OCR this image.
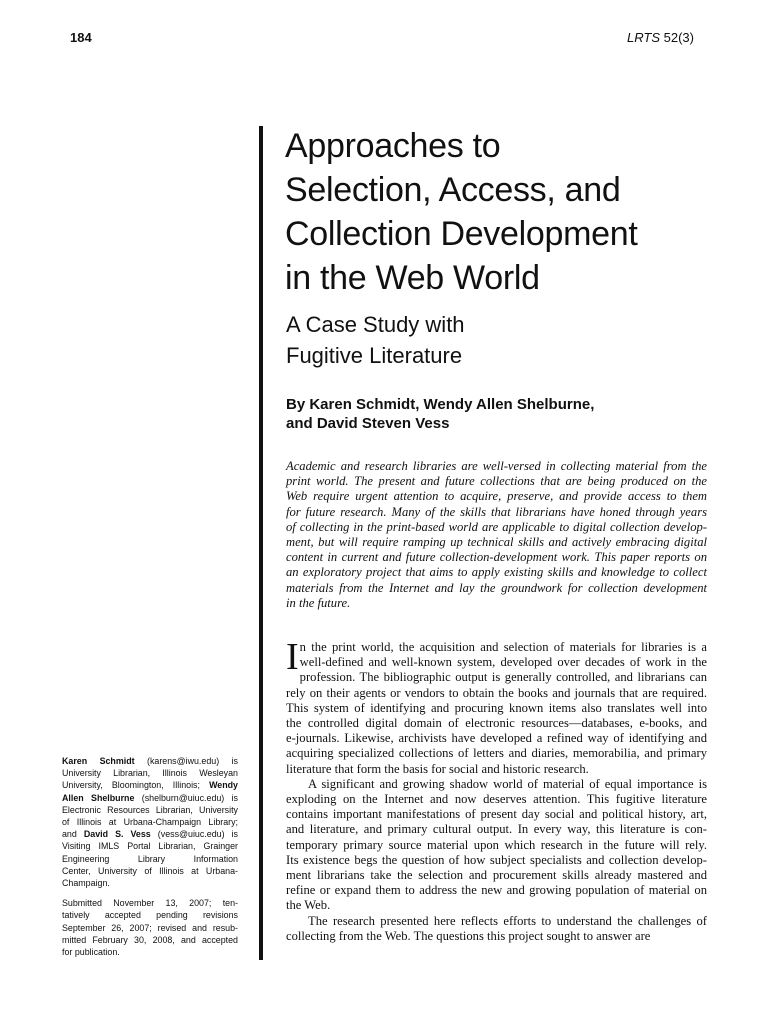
184	LRTS 52(3)
Approaches to
Selection, Access, and
Collection Development
in the Web World
A Case Study with
Fugitive Literature
By Karen Schmidt, Wendy Allen Shelburne,
and David Steven Vess
Academic and research libraries are well-versed in collecting material from the
print world. The present and future collections that are being produced on the
Web require urgent attention to acquire, preserve, and provide access to them
for future research. Many of the skills that librarians have honed through years
of collecting in the print-based world are applicable to digital collection develop-
ment, but will require ramping up technical skills and actively embracing digital
content in current and future collection-development work. This paper reports on
an exploratory project that aims to apply existing skills and knowledge to collect
materials from the Internet and lay the groundwork for collection development
in the future.
I n the print world, the acquisition and selection of materials for libraries is a
well-defined and well-known system, developed over decades of work in the
profession. The bibliographic output is generally controlled, and librarians can
rely on their agents or vendors to obtain the books and journals that are required.
This system of identifying and procuring known items also translates well into
the controlled digital domain of electronic resources—databases, e-books, and
e-journals. Likewise, archivists have developed a refined way of identifying and
acquiring specialized collections of letters and diaries, memorabilia, and primary
literature that form the basis for social and historic research.
A significant and growing shadow world of material of equal importance is
exploding on the Internet and now deserves attention. This fugitive literature
contains important manifestations of present day social and political history, art,
and literature, and primary cultural output. In every way, this literature is con-
temporary primary source material upon which research in the future will rely.
Its existence begs the question of how subject specialists and collection develop-
ment librarians take the selection and procurement skills already mastered and
refine or expand them to address the new and growing population of material on
the Web.
The research presented here reflects efforts to understand the challenges of
collecting from the Web. The questions this project sought to answer are
Karen Schmidt (karens@iwu.edu) is
University Librarian, Illinois Wesleyan
University, Bloomington, Illinois; Wendy
Allen Shelburne (shelburn@uiuc.edu) is
Electronic Resources Librarian, University
of Illinois at Urbana-Champaign Library;
and David S. Vess (vess@uiuc.edu) is
Visiting IMLS Portal Librarian, Grainger
Engineering Library Information
Center, University of Illinois at Urbana-
Champaign.
Submitted November 13, 2007; ten-
tatively accepted pending revisions
September 26, 2007; revised and resub-
mitted February 30, 2008, and accepted
for publication.
